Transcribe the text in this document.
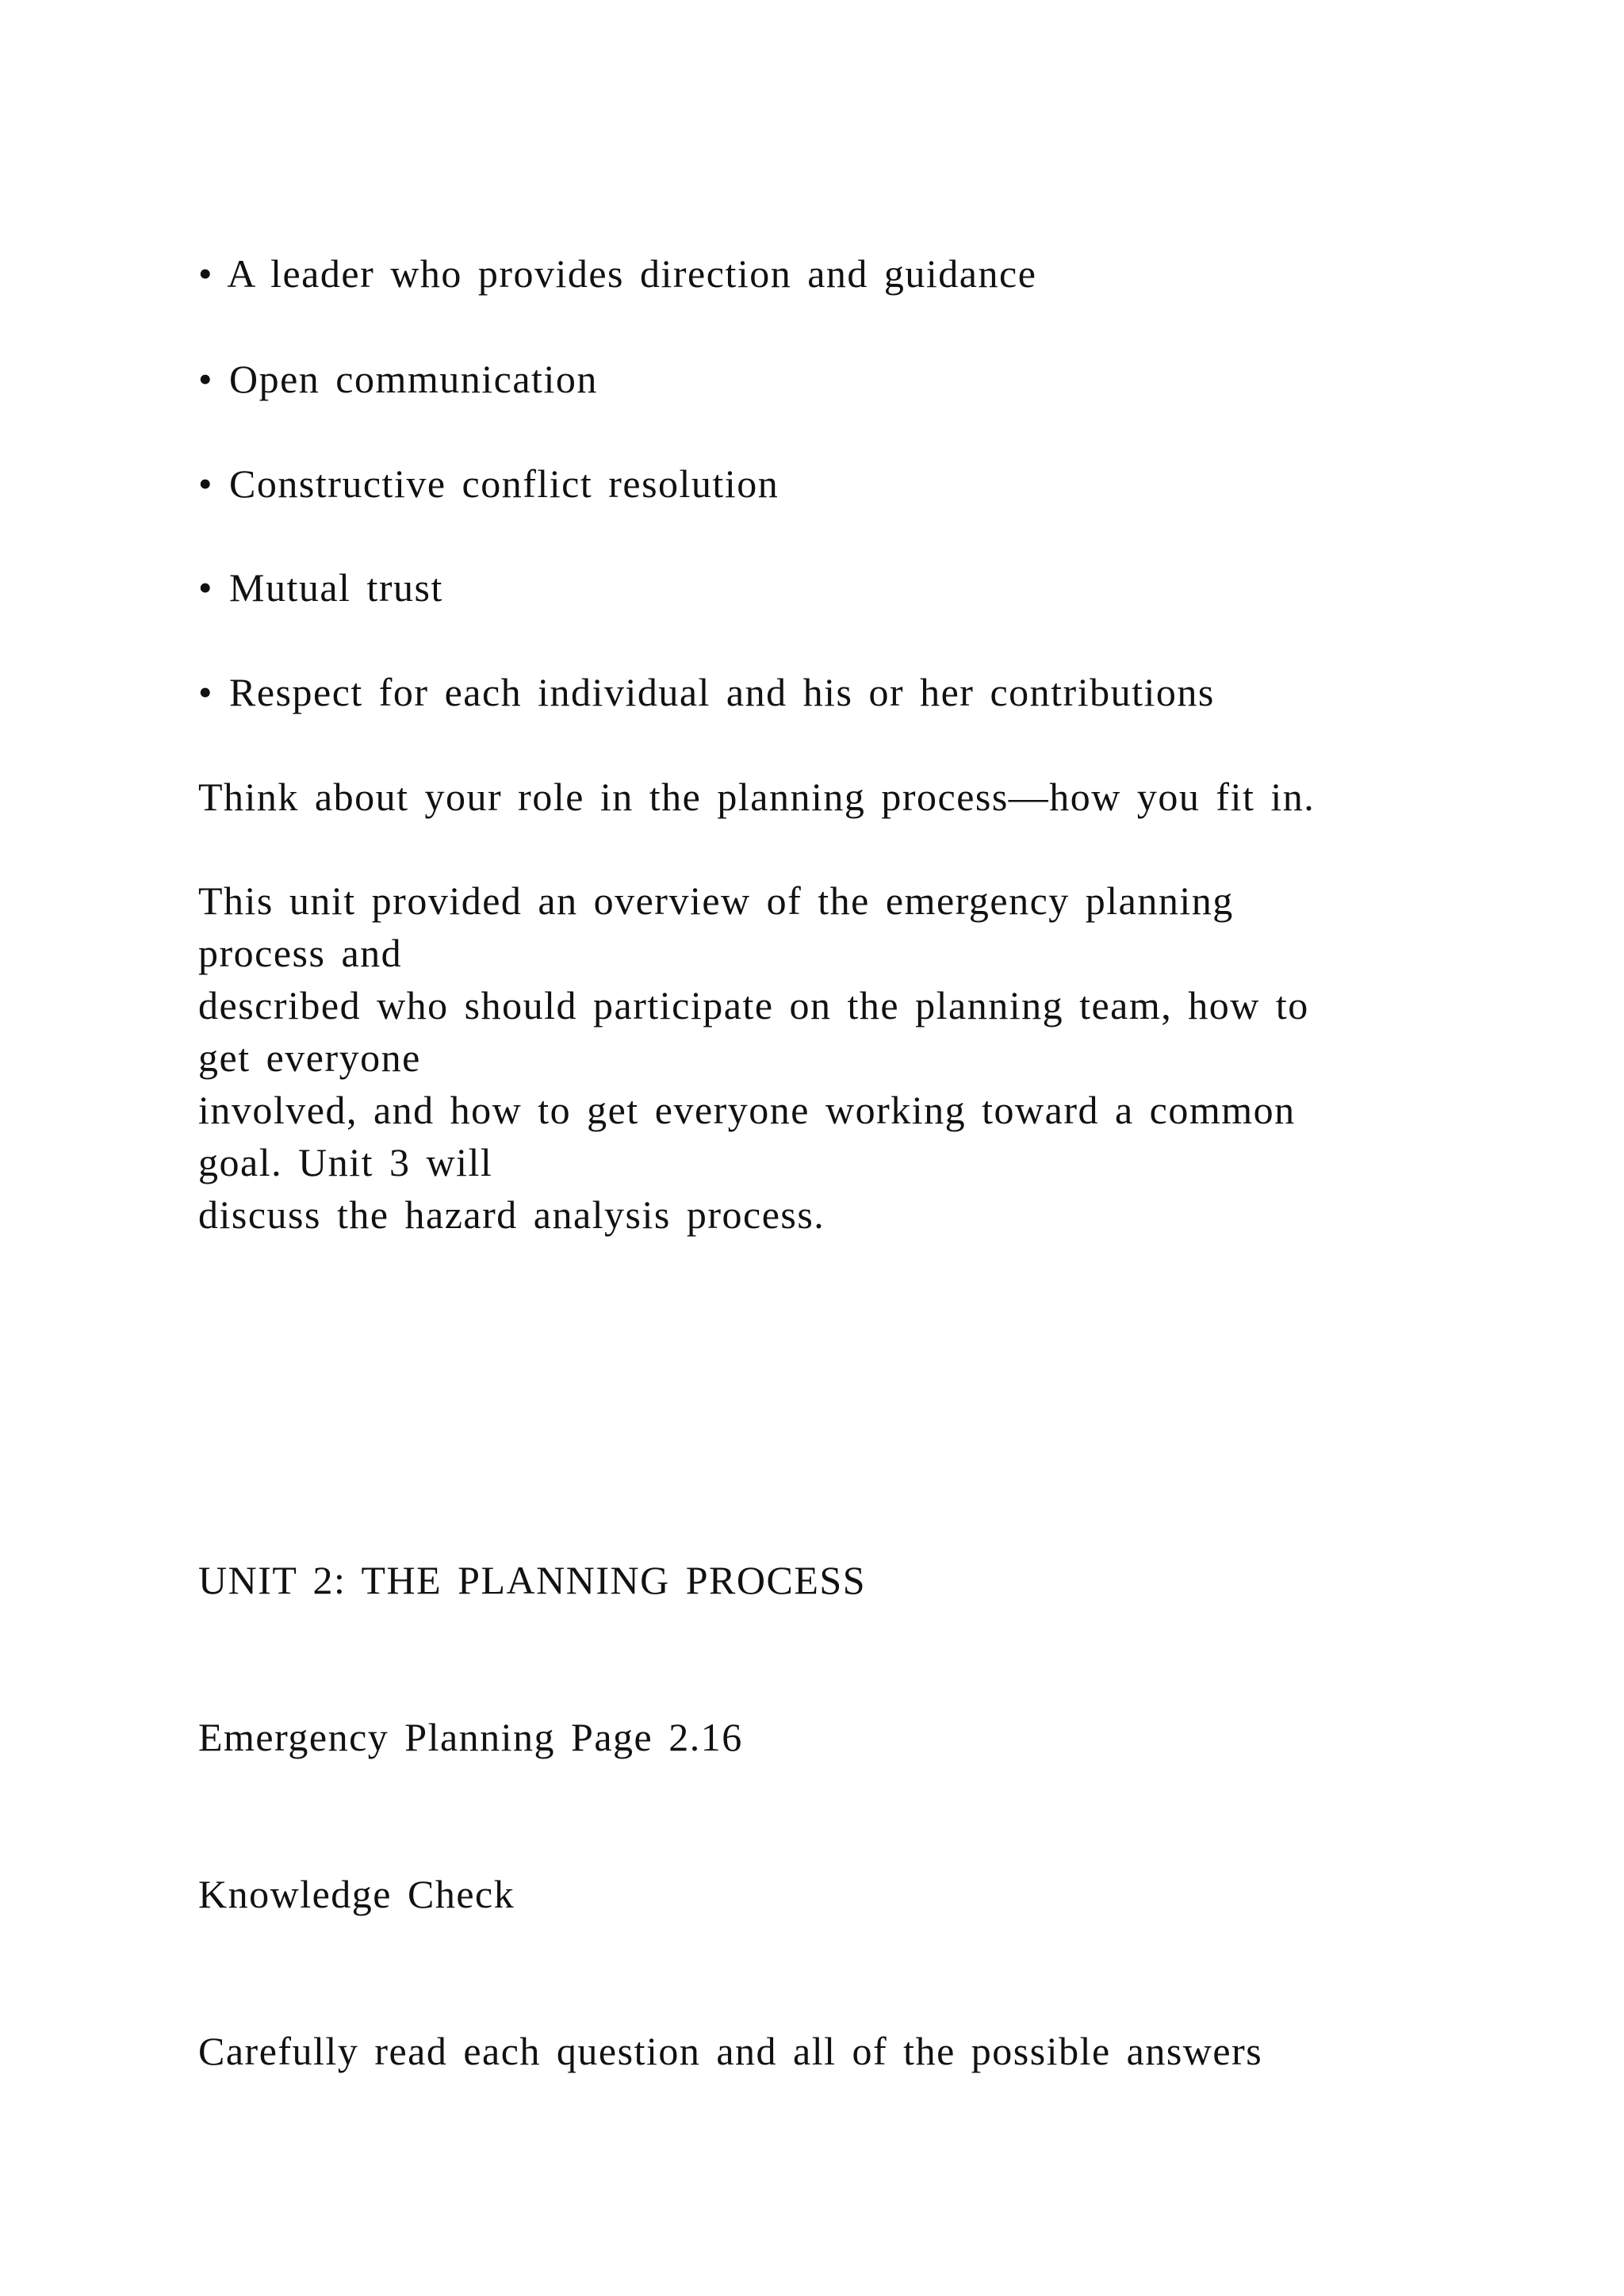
• A leader who provides direction and guidance
• Open communication
• Constructive conflict resolution
• Mutual trust
• Respect for each individual and his or her contributions
Think about your role in the planning process—how you fit in.
This unit provided an overview of the emergency planning
process and
described who should participate on the planning team, how to
get everyone
involved, and how to get everyone working toward a common
goal. Unit 3 will
discuss the hazard analysis process.
UNIT 2: THE PLANNING PROCESS
Emergency Planning Page 2.16
Knowledge Check
Carefully read each question and all of the possible answers
